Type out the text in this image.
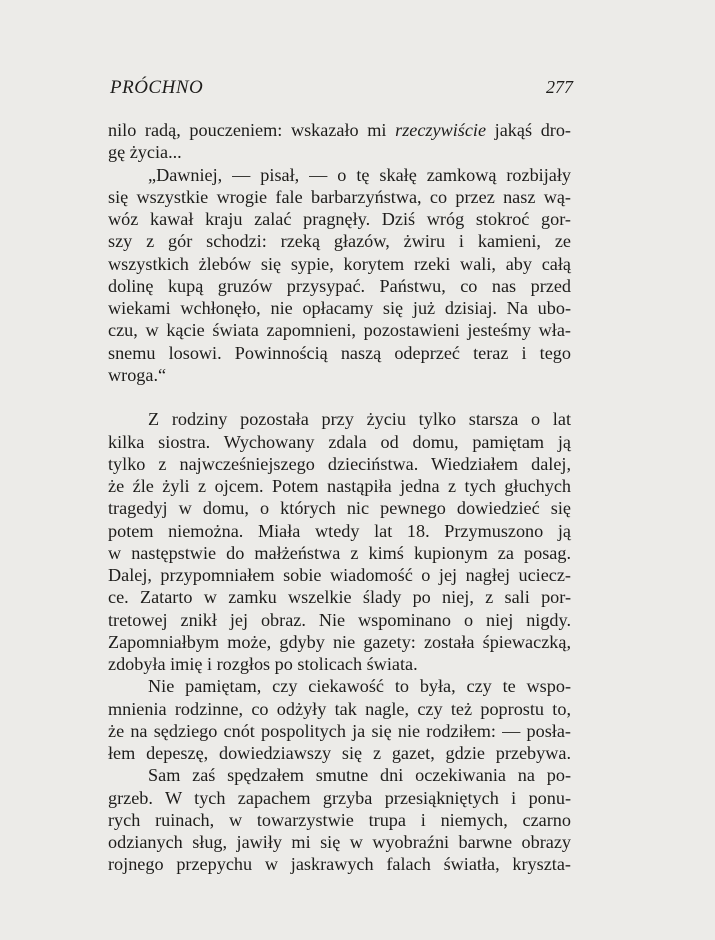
PRÓCHNO	277
nilo radą, pouczeniem: wskazało mi rzeczywiście jakąś dro-
gę życia...
„Dawniej, — pisał, — o tę skałę zamkową rozbijały
się wszystkie wrogie fale barbarzyństwa, co przez nasz wą-
wóz kawał kraju zalać pragnęły. Dziś wróg stokroć gor-
szy z gór schodzi: rzeką głazów, żwiru i kamieni, ze
wszystkich żlebów się sypie, korytem rzeki wali, aby całą
dolinę kupą gruzów przysypać. Państwu, co nas przed
wiekami wchłonęło, nie opłacamy się już dzisiaj. Na ubo-
czu, w kącie świata zapomnieni, pozostawieni jesteśmy wła-
snemu losowi. Powinnością naszą odeprzeć teraz i tego
wroga.“
Z rodziny pozostała przy życiu tylko starsza o lat
kilka siostra. Wychowany zdala od domu, pamiętam ją
tylko z najwcześniejszego dzieciństwa. Wiedziałem dalej,
że źle żyli z ojcem. Potem nastąpiła jedna z tych głuchych
tragedyj w domu, o których nic pewnego dowiedzieć się
potem niemożna. Miała wtedy lat 18. Przymuszono ją
w następstwie do małżeństwa z kimś kupionym za posag.
Dalej, przypomniałem sobie wiadomość o jej nagłej uciecz-
ce. Zatarto w zamku wszelkie ślady po niej, z sali por-
tretowej znikł jej obraz. Nie wspominano o niej nigdy.
Zapomniałbym może, gdyby nie gazety: została śpiewaczką,
zdobyła imię i rozgłos po stolicach świata.
Nie pamiętam, czy ciekawość to była, czy te wspo-
mnienia rodzinne, co odżyły tak nagle, czy też poprostu to,
że na sędziego cnót pospolitych ja się nie rodziłem: — posła-
łem depeszę, dowiedziawszy się z gazet, gdzie przebywa.
Sam zaś spędzałem smutne dni oczekiwania na po-
grzeb. W tych zapachem grzyba przesiąkniętych i ponu-
rych ruinach, w towarzystwie trupa i niemych, czarno
odzianych sług, jawiły mi się w wyobraźni barwne obrazy
rojnego przepychu w jaskrawych falach światła, kryszta-
